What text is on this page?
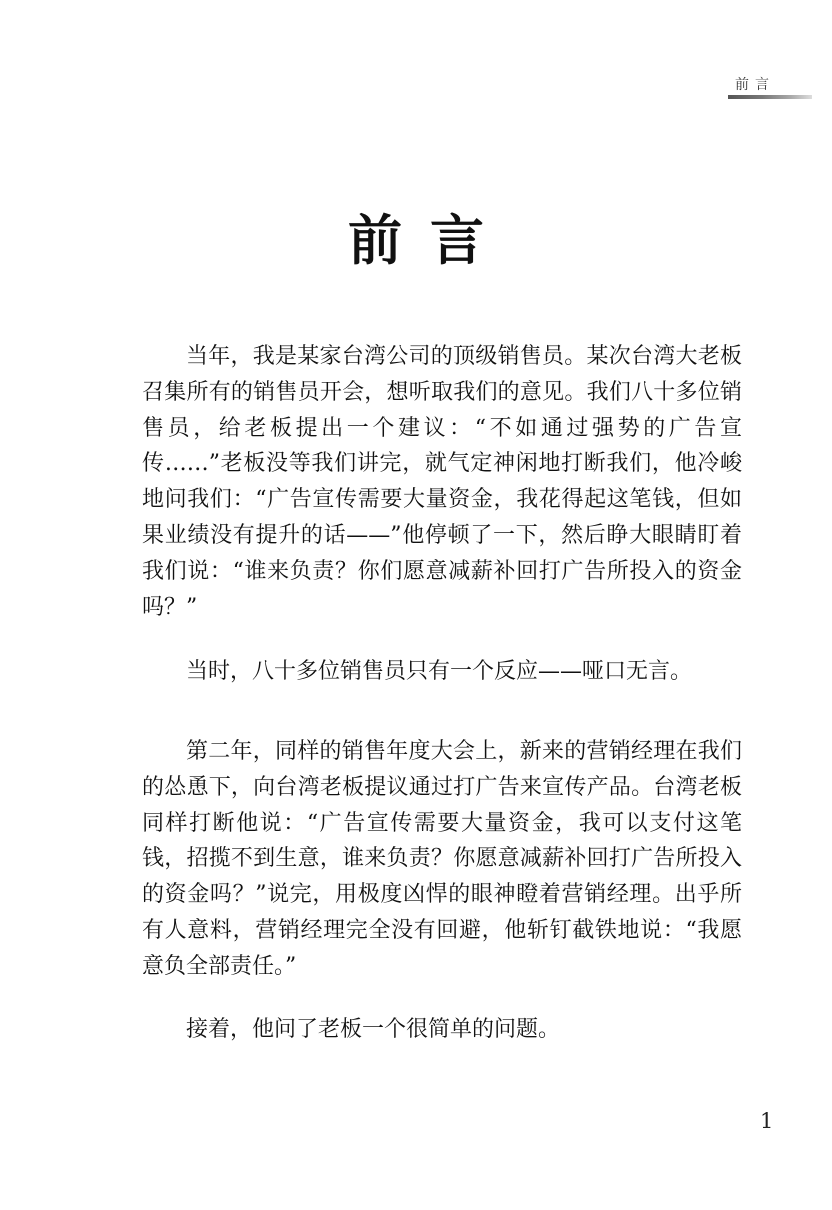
前言
前言

当年，我是某家台湾公司的顶级销售员。某次台湾大老板召集所有的销售员开会，想听取我们的意见。我们八十多位销售员，给老板提出一个建议：“不如通过强势的广告宣传……”老板没等我们讲完，就气定神闲地打断我们，他冷峻地问我们：“广告宣传需要大量资金，我花得起这笔钱，但如果业绩没有提升的话——”他停顿了一下，然后睁大眼睛盯着我们说：“谁来负责？你们愿意减薪补回打广告所投入的资金吗？”

当时，八十多位销售员只有一个反应——哑口无言。

第二年，同样的销售年度大会上，新来的营销经理在我们的怂恿下，向台湾老板提议通过打广告来宣传产品。台湾老板同样打断他说：“广告宣传需要大量资金，我可以支付这笔钱，招揽不到生意，谁来负责？你愿意减薪补回打广告所投入的资金吗？”说完，用极度凶悍的眼神瞪着营销经理。出乎所有人意料，营销经理完全没有回避，他斩钉截铁地说：“我愿意负全部责任。”

接着，他问了老板一个很简单的问题。

1
